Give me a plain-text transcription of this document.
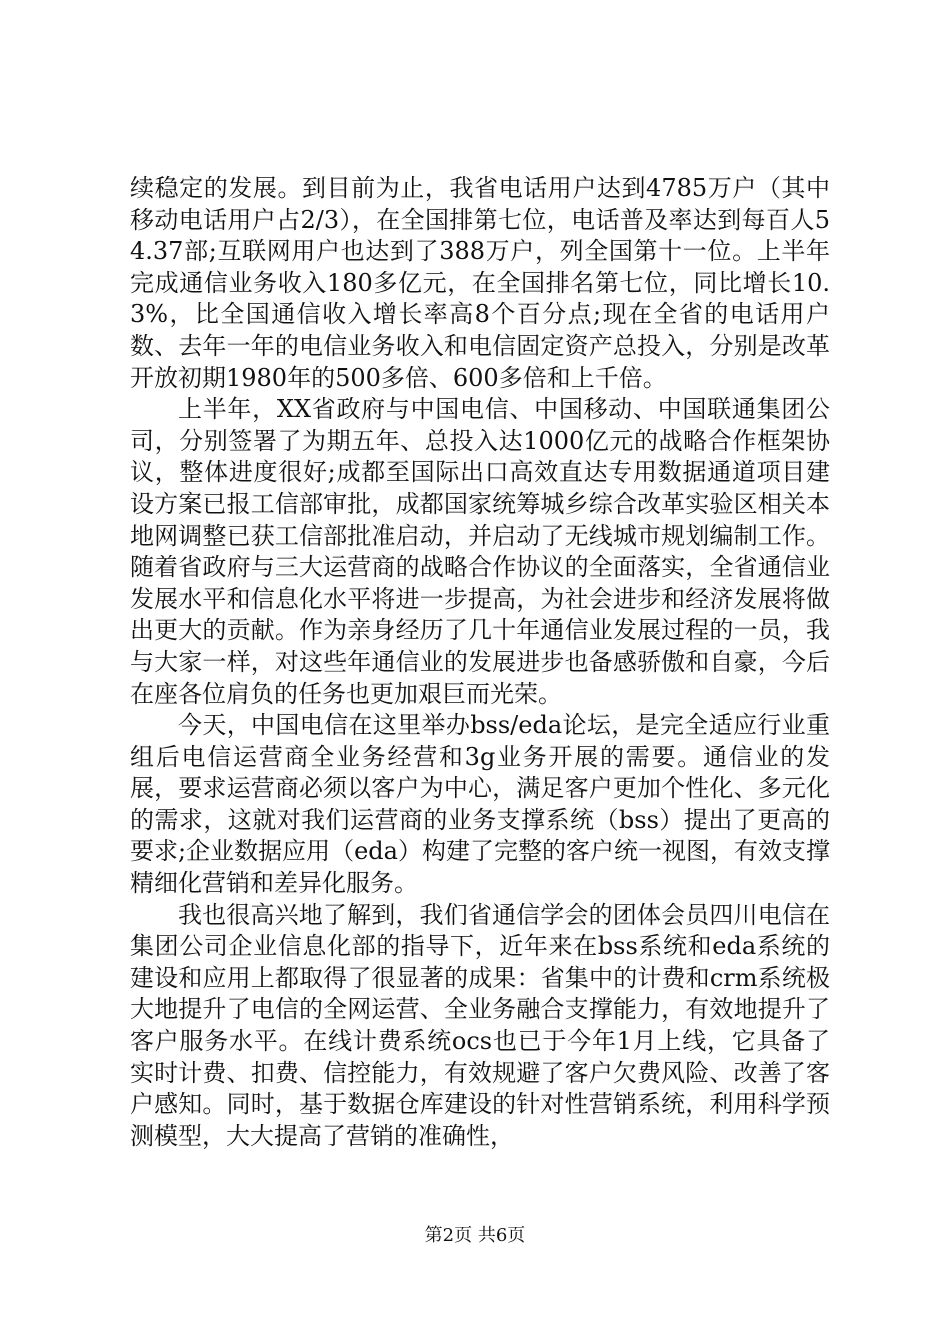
续稳定的发展。到目前为止，我省电话用户达到4785万户（其中移动电话用户占2/3），在全国排第七位，电话普及率达到每百人54.37部;互联网用户也达到了388万户，列全国第十一位。上半年完成通信业务收入180多亿元，在全国排名第七位，同比增长10.3%，比全国通信收入增长率高8个百分点;现在全省的电话用户数、去年一年的电信业务收入和电信固定资产总投入，分别是改革开放初期1980年的500多倍、600多倍和上千倍。

上半年，XX省政府与中国电信、中国移动、中国联通集团公司，分别签署了为期五年、总投入达1000亿元的战略合作框架协议，整体进度很好;成都至国际出口高效直达专用数据通道项目建设方案已报工信部审批，成都国家统筹城乡综合改革实验区相关本地网调整已获工信部批准启动，并启动了无线城市规划编制工作。随着省政府与三大运营商的战略合作协议的全面落实，全省通信业发展水平和信息化水平将进一步提高，为社会进步和经济发展将做出更大的贡献。作为亲身经历了几十年通信业发展过程的一员，我与大家一样，对这些年通信业的发展进步也备感骄傲和自豪，今后在座各位肩负的任务也更加艰巨而光荣。

今天，中国电信在这里举办bss/eda论坛，是完全适应行业重组后电信运营商全业务经营和3g业务开展的需要。通信业的发展，要求运营商必须以客户为中心，满足客户更加个性化、多元化的需求，这就对我们运营商的业务支撑系统（bss）提出了更高的要求;企业数据应用（eda）构建了完整的客户统一视图，有效支撑精细化营销和差异化服务。

我也很高兴地了解到，我们省通信学会的团体会员四川电信在集团公司企业信息化部的指导下，近年来在bss系统和eda系统的建设和应用上都取得了很显著的成果：省集中的计费和crm系统极大地提升了电信的全网运营、全业务融合支撑能力，有效地提升了客户服务水平。在线计费系统ocs也已于今年1月上线，它具备了实时计费、扣费、信控能力，有效规避了客户欠费风险、改善了客户感知。同时，基于数据仓库建设的针对性营销系统，利用科学预测模型，大大提高了营销的准确性，

第2页 共6页
